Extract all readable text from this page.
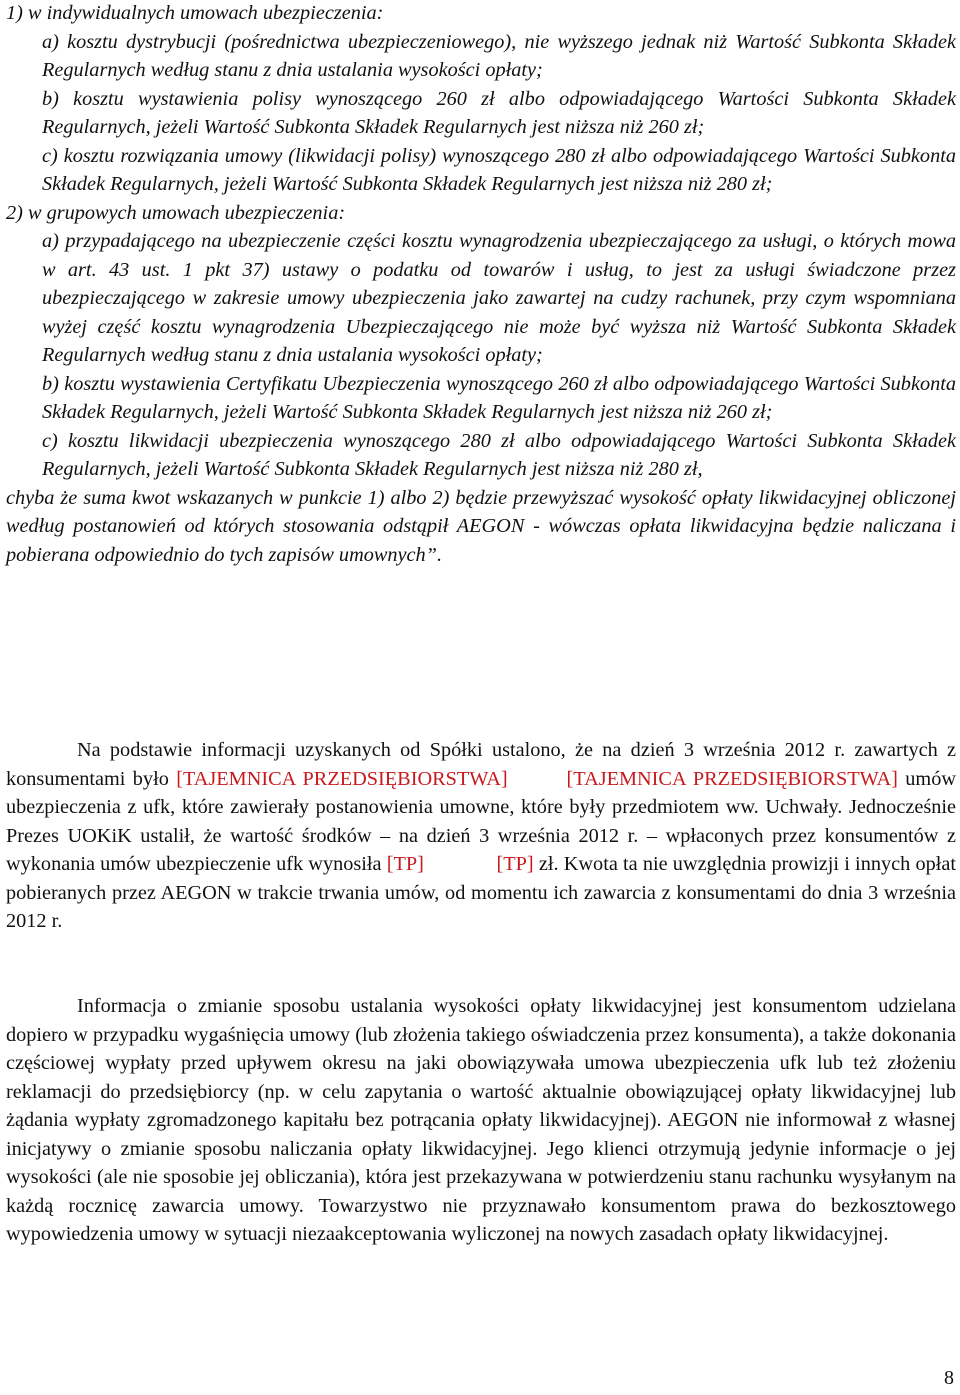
1) w indywidualnych umowach ubezpieczenia:

a) kosztu dystrybucji (pośrednictwa ubezpieczeniowego), nie wyższego jednak niż Wartość Subkonta Składek Regularnych według stanu z dnia ustalania wysokości opłaty;

b) kosztu wystawienia polisy wynoszącego 260 zł albo odpowiadającego Wartości Subkonta Składek Regularnych, jeżeli Wartość Subkonta Składek Regularnych jest niższa niż 260 zł;

c) kosztu rozwiązania umowy (likwidacji polisy) wynoszącego 280 zł albo odpowiadającego Wartości Subkonta Składek Regularnych, jeżeli Wartość Subkonta Składek Regularnych jest niższa niż 280 zł;

2) w grupowych umowach ubezpieczenia:

a) przypadającego na ubezpieczenie części kosztu wynagrodzenia ubezpieczającego za usługi, o których mowa w art. 43 ust. 1 pkt 37) ustawy o podatku od towarów i usług, to jest za usługi świadczone przez ubezpieczającego w zakresie umowy ubezpieczenia jako zawartej na cudzy rachunek, przy czym wspomniana wyżej część kosztu wynagrodzenia Ubezpieczającego nie może być wyższa niż Wartość Subkonta Składek Regularnych według stanu z dnia ustalania wysokości opłaty;

b) kosztu wystawienia Certyfikatu Ubezpieczenia wynoszącego 260 zł albo odpowiadającego Wartości Subkonta Składek Regularnych, jeżeli Wartość Subkonta Składek Regularnych jest niższa niż 260 zł;

c) kosztu likwidacji ubezpieczenia wynoszącego 280 zł albo odpowiadającego Wartości Subkonta Składek Regularnych, jeżeli Wartość Subkonta Składek Regularnych jest niższa niż 280 zł,

chyba że suma kwot wskazanych w punkcie 1) albo 2) będzie przewyższać wysokość opłaty likwidacyjnej obliczonej według postanowień od których stosowania odstąpił AEGON - wówczas opłata likwidacyjna będzie naliczana i pobierana odpowiednio do tych zapisów umownych”.

Na podstawie informacji uzyskanych od Spółki ustalono, że na dzień 3 września 2012 r. zawartych z konsumentami było [TAJEMNICA PRZEDSIĘBIORSTWA]	[TAJEMNICA PRZEDSIĘBIORSTWA] umów ubezpieczenia z ufk, które zawierały postanowienia umowne, które były przedmiotem ww. Uchwały. Jednocześnie Prezes UOKiK ustalił, że wartość środków – na dzień 3 września 2012 r. – wpłaconych przez konsumentów z wykonania umów ubezpieczenie ufk wynosiła [TP]	[TP] zł. Kwota ta nie uwzględnia prowizji i innych opłat pobieranych przez AEGON w trakcie trwania umów, od momentu ich zawarcia z konsumentami do dnia 3 września 2012 r.

Informacja o zmianie sposobu ustalania wysokości opłaty likwidacyjnej jest konsumentom udzielana dopiero w przypadku wygaśnięcia umowy (lub złożenia takiego oświadczenia przez konsumenta), a także dokonania częściowej wypłaty przed upływem okresu na jaki obowiązywała umowa ubezpieczenia ufk lub też złożeniu reklamacji do przedsiębiorcy (np. w celu zapytania o wartość aktualnie obowiązującej opłaty likwidacyjnej lub żądania wypłaty zgromadzonego kapitału bez potrącania opłaty likwidacyjnej). AEGON nie informował z własnej inicjatywy o zmianie sposobu naliczania opłaty likwidacyjnej. Jego klienci otrzymują jedynie informacje o jej wysokości (ale nie sposobie jej obliczania), która jest przekazywana w potwierdzeniu stanu rachunku wysyłanym na każdą rocznicę zawarcia umowy. Towarzystwo nie przyznawało konsumentom prawa do bezkosztowego wypowiedzenia umowy w sytuacji niezaakceptowania wyliczonej na nowych zasadach opłaty likwidacyjnej.

8
